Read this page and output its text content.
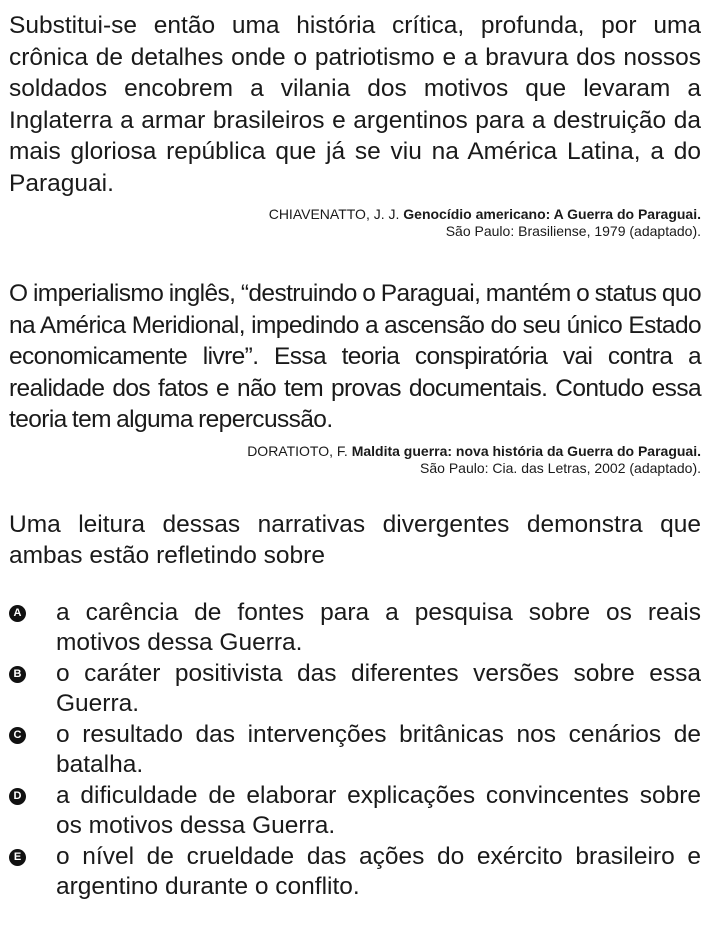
Substitui-se então uma história crítica, profunda, por uma crônica de detalhes onde o patriotismo e a bravura dos nossos soldados encobrem a vilania dos motivos que levaram a Inglaterra a armar brasileiros e argentinos para a destruição da mais gloriosa república que já se viu na América Latina, a do Paraguai.

CHIAVENATTO, J. J. Genocídio americano: A Guerra do Paraguai.
São Paulo: Brasiliense, 1979 (adaptado).

O imperialismo inglês, “destruindo o Paraguai, mantém o status quo na América Meridional, impedindo a ascensão do seu único Estado economicamente livre”. Essa teoria conspiratória vai contra a realidade dos fatos e não tem provas documentais. Contudo essa teoria tem alguma repercussão.

DORATIOTO, F. Maldita guerra: nova história da Guerra do Paraguai.
São Paulo: Cia. das Letras, 2002 (adaptado).

Uma leitura dessas narrativas divergentes demonstra que ambas estão refletindo sobre

A a carência de fontes para a pesquisa sobre os reais motivos dessa Guerra.
B o caráter positivista das diferentes versões sobre essa Guerra.
C o resultado das intervenções britânicas nos cenários de batalha.
D a dificuldade de elaborar explicações convincentes sobre os motivos dessa Guerra.
E o nível de crueldade das ações do exército brasileiro e argentino durante o conflito.
